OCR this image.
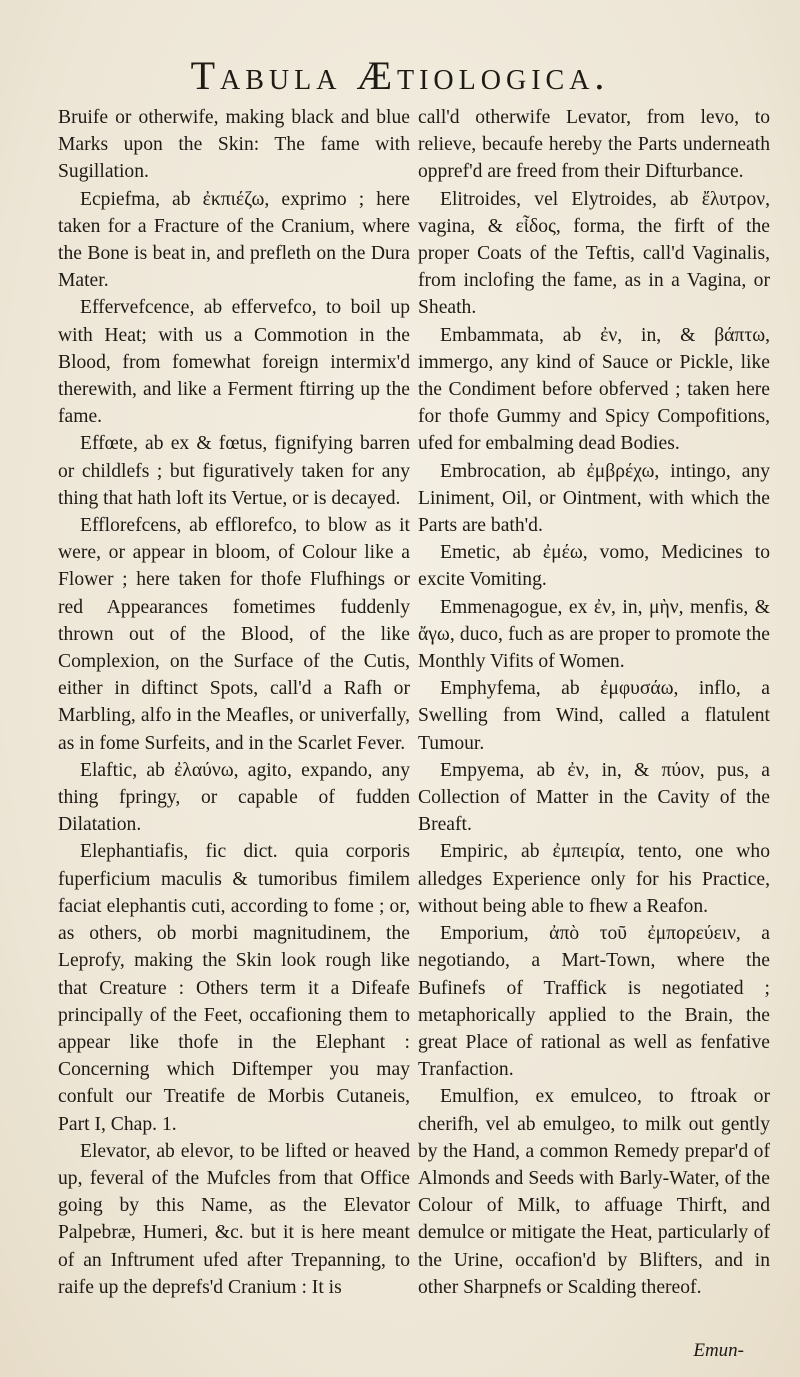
Tabula Ætiologica.

Bruife or otherwife, making black and blue Marks upon the Skin: The fame with Sugillation.

Ecpiefma, ab ἐκπιέζω, exprimo ; here taken for a Fracture of the Cranium, where the Bone is beat in, and prefleth on the Dura Mater.

Effervefcence, ab effervefco, to boil up with Heat; with us a Commotion in the Blood, from fomewhat foreign intermix'd therewith, and like a Ferment ftirring up the fame.

Effœte, ab ex & fœtus, fignifying barren or childlefs ; but figuratively taken for any thing that hath loft its Vertue, or is decayed.

Efflorefcens, ab efflorefco, to blow as it were, or appear in bloom, of Colour like a Flower ; here taken for thofe Flufhings or red Appearances fometimes fuddenly thrown out of the Blood, of the like Complexion, on the Surface of the Cutis, either in diftinct Spots, call'd a Rafh or Marbling, alfo in the Meafles, or univerfally, as in fome Surfeits, and in the Scarlet Fever.

Elaftic, ab ἐλαύνω, agito, expando, any thing fpringy, or capable of fudden Dilatation.

Elephantiafis, fic dict. quia corporis fuperficium maculis & tumoribus fimilem faciat elephantis cuti, according to fome ; or, as others, ob morbi magnitudinem, the Leprofy, making the Skin look rough like that Creature : Others term it a Difeafe principally of the Feet, occafioning them to appear like thofe in the Elephant : Concerning which Diftemper you may confult our Treatife de Morbis Cutaneis, Part I, Chap. 1.

Elevator, ab elevor, to be lifted or heaved up, feveral of the Mufcles from that Office going by this Name, as the Elevator Palpebræ, Humeri, &c. but it is here meant of an Inftrument ufed after Trepanning, to raife up the deprefs'd Cranium : It is

call'd otherwife Levator, from levo, to relieve, becaufe hereby the Parts underneath oppref'd are freed from their Difturbance.

Elitroides, vel Elytroides, ab ἔλυτρον, vagina, & εἶδος, forma, the firft of the proper Coats of the Teftis, call'd Vaginalis, from inclofing the fame, as in a Vagina, or Sheath.

Embammata, ab ἐν, in, & βάπτω, immergo, any kind of Sauce or Pickle, like the Condiment before obferved ; taken here for thofe Gummy and Spicy Compofitions, ufed for embalming dead Bodies.

Embrocation, ab ἐμβρέχω, intingo, any Liniment, Oil, or Ointment, with which the Parts are bath'd.

Emetic, ab ἐμέω, vomo, Medicines to excite Vomiting.

Emmenagogue, ex ἐν, in, μὴν, menfis, & ἄγω, duco, fuch as are proper to promote the Monthly Vifits of Women.

Emphyfema, ab ἐμφυσάω, inflo, a Swelling from Wind, called a flatulent Tumour.

Empyema, ab ἐν, in, & πύον, pus, a Collection of Matter in the Cavity of the Breaft.

Empiric, ab ἐμπειρία, tento, one who alledges Experience only for his Practice, without being able to fhew a Reafon.

Emporium, ἀπὸ τοῦ ἐμπορεύειν, a negotiando, a Mart-Town, where the Bufinefs of Traffick is negotiated ; metaphorically applied to the Brain, the great Place of rational as well as fenfative Tranfaction.

Emulfion, ex emulceo, to ftroak or cherifh, vel ab emulgeo, to milk out gently by the Hand, a common Remedy prepar'd of Almonds and Seeds with Barly-Water, of the Colour of Milk, to affuage Thirft, and demulce or mitigate the Heat, particularly of the Urine, occafion'd by Blifters, and in other Sharpnefs or Scalding thereof.

Emun-
